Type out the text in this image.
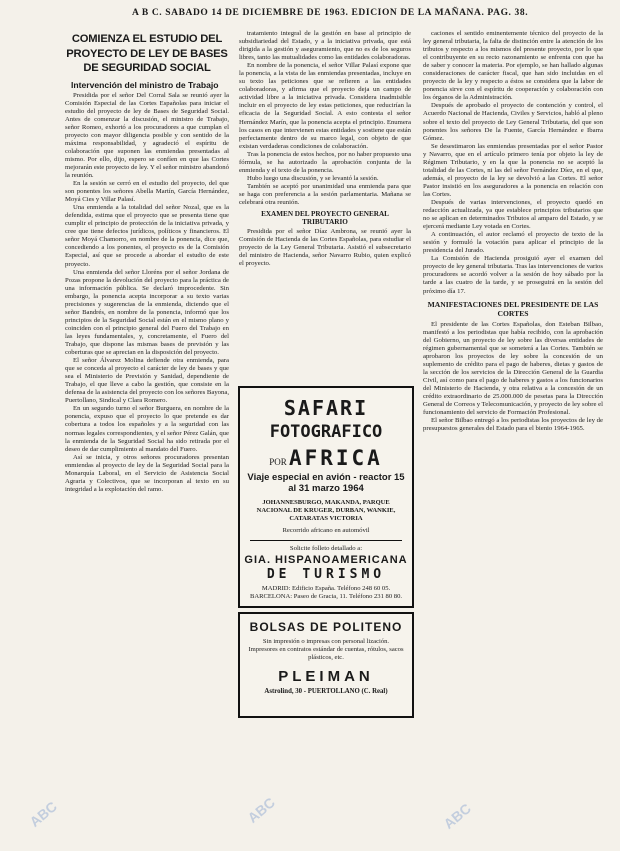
A B C. SABADO 14 DE DICIEMBRE DE 1963. EDICION DE LA MAÑANA. PAG. 38.
COMIENZA EL ESTUDIO DEL PROYECTO DE LEY DE BASES DE SEGURIDAD SOCIAL
Intervención del ministro de Trabajo

Presidida por el señor Del Corral Sala se reunió ayer la Comisión Especial de las Cortes Españolas para iniciar el estudio del proyecto de ley de Bases de Seguridad Social. Antes de comenzar la discusión, el ministro de Trabajo, señor Romeo, exhortó a los procuradores a que cumplan el proyecto con mayor diligencia posible y con sentido de la máxima responsabilidad, y agradeció el espíritu de colaboración que suponen las enmiendas presentadas al mismo. Por ello, dijo, espero se confíen en que las Cortes mejorarán este proyecto de ley. Y el señor ministro abandonó la reunión.

En la sesión se cerró en el estudio del proyecto, del que son ponentes los señores Abella Martín, García Hernández, Moyá Cies y Villar Palasí.

Una enmienda a la totalidad del señor Nozal, que es la defendida, estima que el proyecto que se presenta tiene que cumplir el principio de protección de la iniciativa privada, y cree que tiene defectos jurídicos, políticos y financieros. El señor Moyá Chamorro, en nombre de la ponencia, dice que, concediendo a los ponentes, el proyecto es de la Comisión Especial, así que se procede a abordar el estudio de este proyecto.

Una enmienda del señor Lloréns por el señor Jordana de Pozas propone la devolución del proyecto para la práctica de una información pública. Se declaró improcedente. Sin embargo, la ponencia acepta incorporar a su texto varias precisiones y sugerencias de la enmienda, diciendo que el señor Bandrés, en nombre de la ponencia, informó que los principios de la Seguridad Social están en el mismo plano y coinciden con el principio general del Fuero del Trabajo en las leyes fundamentales, y, concretamente, el Fuero del Trabajo, que dispone las mismas bases de previsión y las coberturas que se aprecian en la disposición del proyecto.

El señor Álvarez Molina defiende otra enmienda, para que se conceda al proyecto el carácter de ley de bases y que sea el Ministerio de Previsión y Sanidad, dependiente de Trabajo, el que lleve a cabo la gestión, que consiste en la defensa de la asistencia del proyecto con los señores Bayona, Puertollano, Sindical y Clara Romero.

En un segundo turno el señor Burguera, en nombre de la ponencia, expuso que el proyecto lo que pretende es dar cobertura a todos los españoles y a la seguridad con las normas legales correspondientes, y el señor Pérez Galán, que la enmienda de la Seguridad Social ha sido retirada por el deseo de dar cumplimiento al mandato del Fuero.

Así se inicia, y otros señores procuradores presentan enmiendas al proyecto de ley de la Seguridad Social para la Monarquía Laboral, en el Servicio de Asistencia Social Agraria y Colectivos, que se incorporan al texto en su integridad a la explotación del ramo.

tratamiento integral de la gestión en base al principio de subsidiariedad del Estado, y a la iniciativa privada, que está dirigida a la gestión y aseguramiento, que no es de los seguros libres, tanto las mutualidades como las entidades colaboradoras.

En nombre de la ponencia, el señor Villar Palasí expone que la ponencia, a la vista de las enmiendas presentadas, incluye en su texto las peticiones que se refieren a las entidades colaboradoras, y afirma que el proyecto deja un campo de actividad libre a la iniciativa privada. Considera inadmisible incluir en el proyecto de ley estas peticiones, que reducirían la eficacia de la Seguridad Social. A esto contesta el señor Hernández Marín, que la ponencia acepta el principio. Enumera los casos en que intervienen estas entidades y sostiene que están perfectamente dentro de su marco legal, con objeto de que existan verdaderas condiciones de colaboración.

Tras la ponencia de estos hechos, por no haber propuesto una fórmula, se ha autorizado la aprobación conjunta de la enmienda y el texto de la ponencia.

Hubo luego una discusión, y se levantó la sesión.

También se aceptó por unanimidad una enmienda para que se haga con preferencia a la sesión parlamentaria. Mañana se celebrará otra reunión.

EXAMEN DEL PROYECTO GENERAL TRIBUTARIO

Presidida por el señor Díaz Ambrona, se reunió ayer la Comisión de Hacienda de las Cortes Españolas, para estudiar el proyecto de la Ley General Tributaria. Asistió el subsecretario del ministro de Hacienda, señor Navarro Rubio, quien explicó el proyecto.

SAFARI
FOTOGRAFICO
POR AFRICA
Viaje especial en avión - reactor 15 al 31 marzo 1964
JOHANNESBURGO, MAKANDA, PARQUE NACIONAL DE KRUGER, DURBAN, WANKIE, CATARATAS VICTORIA
Recorrido africano en automóvil
Solicite folleto detallado a:
GIA. HISPANOAMERICANA
DE TURISMO
MADRID: Edificio España. Teléfono 248 60 05. BARCELONA: Paseo de Gracia, 11. Teléfono 231 80 80.
BOLSAS DE POLITENO
Sin impresión o impresas con personal lización. Impresores en contratos estándar de cuentas, rótulos, sacos plásticos, etc.
PLEIMAN
Astrolind, 30 - PUERTOLLANO (C. Real)

caciones el sentido eminentemente técnico del proyecto de la ley general tributaria, la falta de distinción entre la atención de los tributos y respecto a los mismos del presente proyecto, por lo que el contribuyente en su recto razonamiento se enfrenta con que ha de saber y conocer la materia. Por ejemplo, se han hallado algunas consideraciones de carácter fiscal, que han sido incluidas en el proyecto de la ley y respecto a éstos se considera que la labor de ponencia sirve con el espíritu de cooperación y colaboración con los órganos de la Administración.

Después de aprobado el proyecto de contención y control, el Acuerdo Nacional de Hacienda, Civiles y Servicios, habló al pleno sobre el texto del proyecto de Ley General Tributaria, del que son ponentes los señores De la Fuente, García Hernández e Ibarra Gómez.

Se desestimaron las enmiendas presentadas por el señor Pastor y Navarro, que en el artículo primero tenía por objeto la ley de Régimen Tributario, y en la que la ponencia no se aceptó la totalidad de las Cortes, ni las del señor Fernández Díez, en el que, además, el proyecto de la ley se devolvió a las Cortes. El señor Pastor insistió en los aseguradores a la ponencia en relación con las Cortes.

Después de varias intervenciones, el proyecto quedó en redacción actualizada, ya que establece principios tributarios que no se aplican en determinados Tributos al amparo del Estado, y se ejercerá mediante Ley votada en Cortes.

A continuación, el autor reclamó el proyecto de texto de la sesión y formuló la votación para aplicar el principio de la presidencia del Jurado.

La Comisión de Hacienda prosiguió ayer el examen del proyecto de ley general tributaria. Tras las intervenciones de varios procuradores se acordó volver a la sesión de hoy sábado por la tarde a las cuatro de la tarde, y se proseguirá en la sesión del próximo día 17.

MANIFESTACIONES DEL PRESIDENTE DE LAS CORTES

El presidente de las Cortes Españolas, don Esteban Bilbao, manifestó a los periodistas que había recibido, con la aprobación del Gobierno, un proyecto de ley sobre las diversas entidades de régimen gubernamental que se someterá a las Cortes. También se aprobaron los proyectos de ley sobre la concesión de un suplemento de crédito para el pago de haberes, dietas y gastos de la sección de los servicios de la Dirección General de la Guardia Civil, así como para el pago de haberes y gastos a los funcionarios del Ministerio de Hacienda, y otra relativa a la concesión de un crédito extraordinario de 25.000.000 de pesetas para la Dirección General de Correos y Telecomunicación, y proyecto de ley sobre el funcionamiento del servicio de Formación Profesional.

El señor Bilbao entregó a los periodistas los proyectos de ley de presupuestos generales del Estado para el bienio 1964-1965.

ABC	ABC	ABC
